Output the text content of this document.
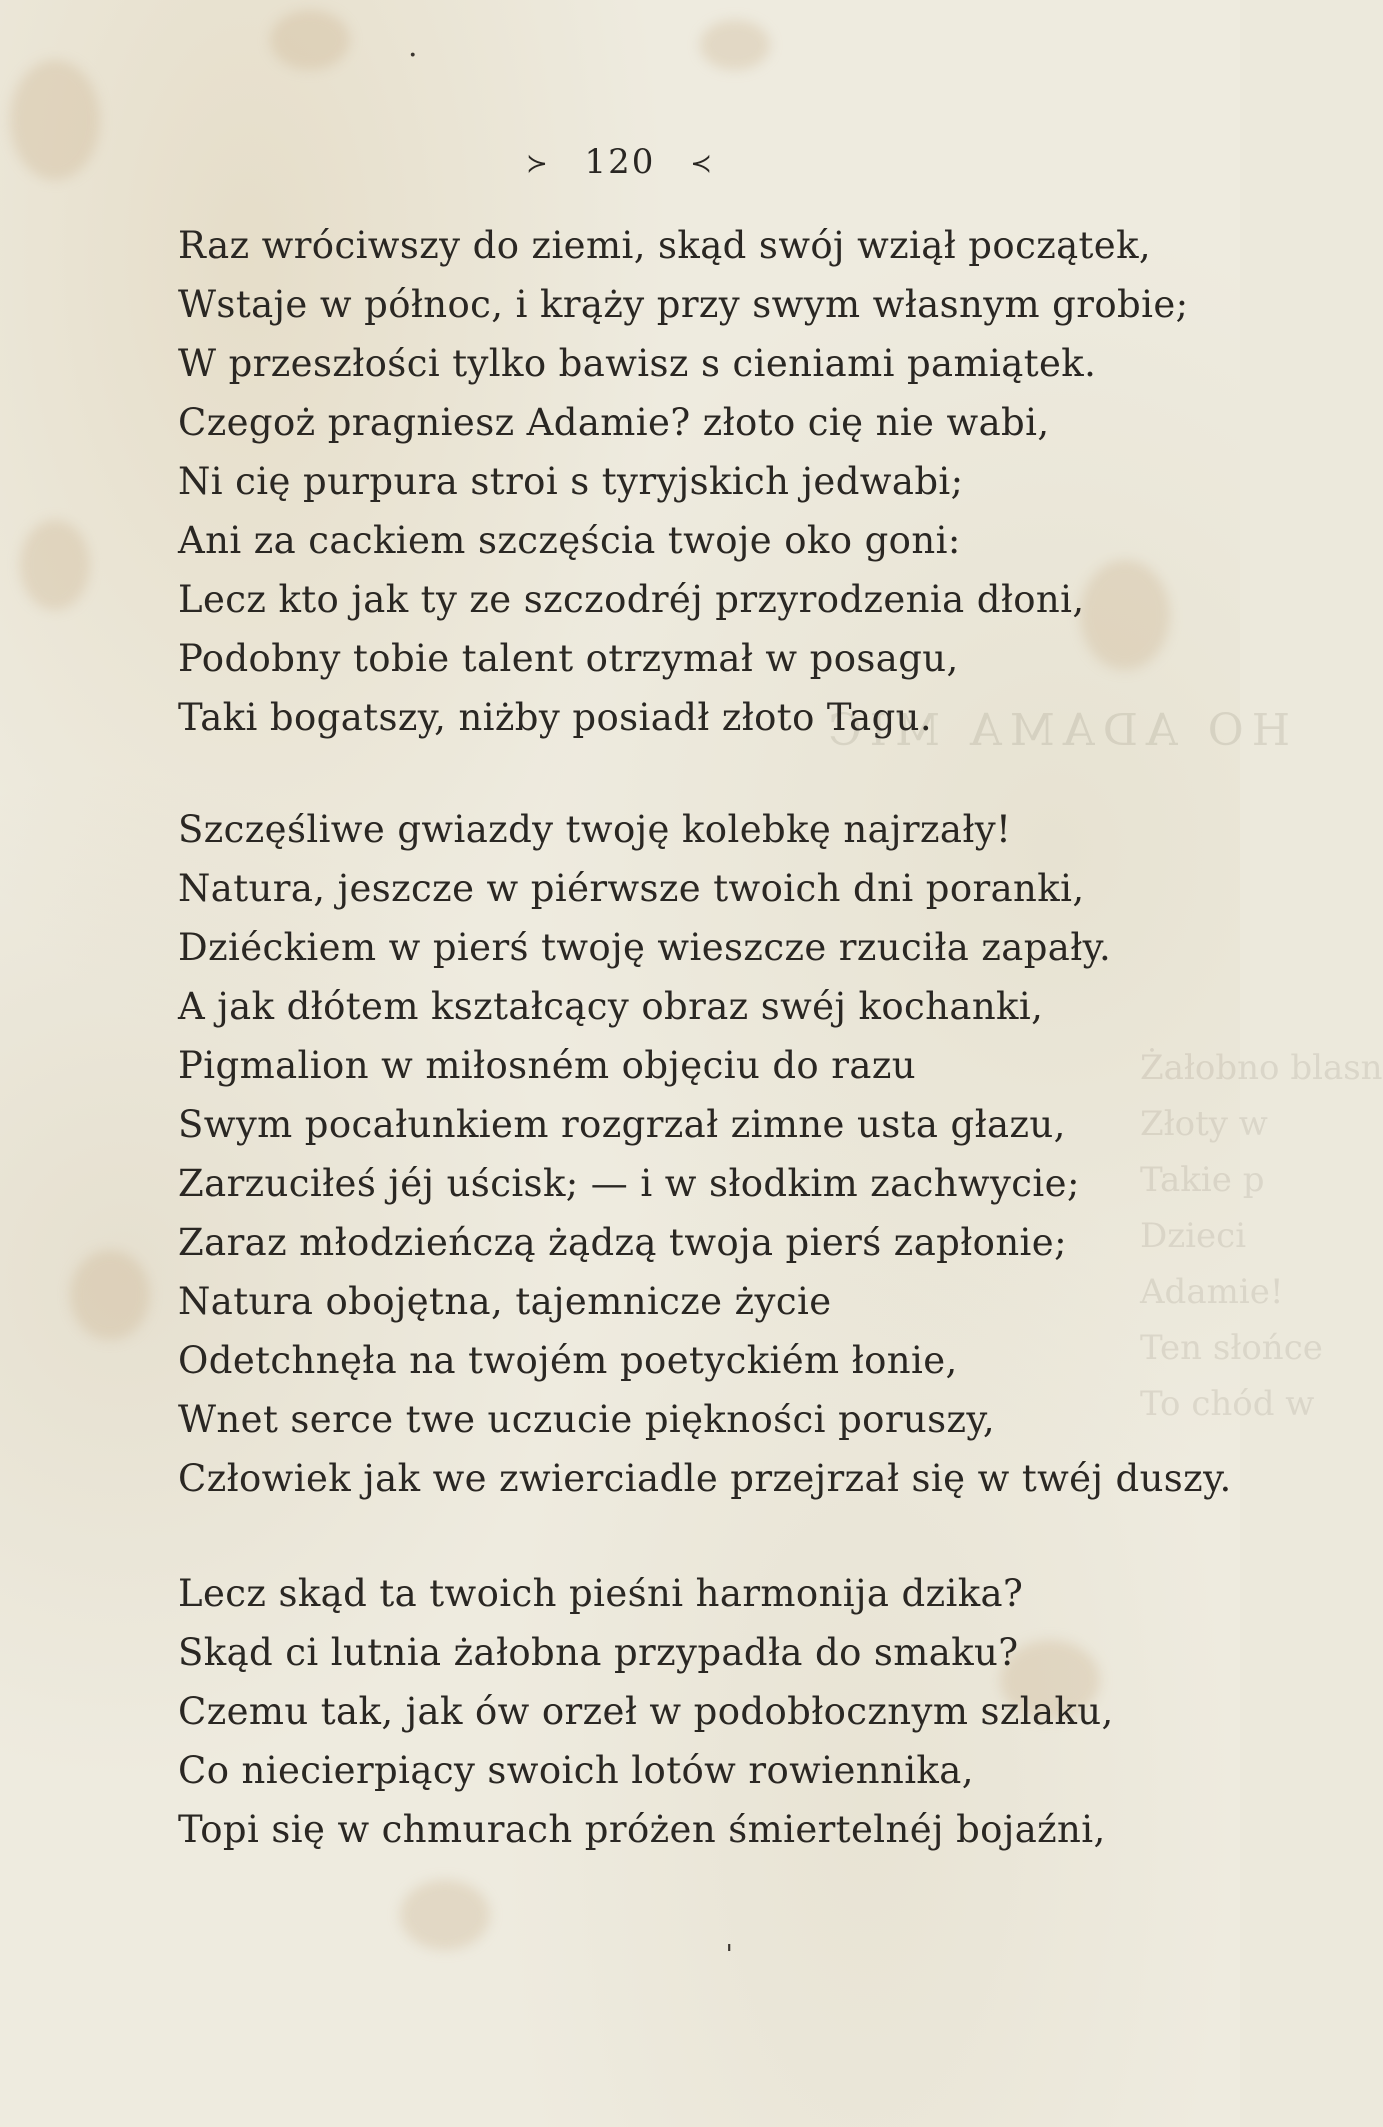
HO ADAMA MIC
Żałobno blasn
Złoty w
Takie p
Dzieci
Adamie!
Ten słońce
To chód w
≻ 120 ≺
Raz wróciwszy do ziemi, skąd swój wziął początek,
Wstaje w północ, i krąży przy swym własnym grobie;
W przeszłości tylko bawisz s cieniami pamiątek.
Czegoż pragniesz Adamie? złoto cię nie wabi,
Ni cię purpura stroi s tyryjskich jedwabi;
Ani za cackiem szczęścia twoje oko goni:
Lecz kto jak ty ze szczodréj przyrodzenia dłoni,
Podobny tobie talent otrzymał w posagu,
Taki bogatszy, niżby posiadł złoto Tagu.
Szczęśliwe gwiazdy twoję kolebkę najrzały!
Natura, jeszcze w piérwsze twoich dni poranki,
Dziéckiem w pierś twoję wieszcze rzuciła zapały.
A jak dłótem kształcący obraz swéj kochanki,
Pigmalion w miłosném objęciu do razu
Swym pocałunkiem rozgrzał zimne usta głazu,
Zarzuciłeś jéj uścisk; — i w słodkim zachwycie;
Zaraz młodzieńczą żądzą twoja pierś zapłonie;
Natura obojętna, tajemnicze życie
Odetchnęła na twojém poetyckiém łonie,
Wnet serce twe uczucie piękności poruszy,
Człowiek jak we zwierciadle przejrzał się w twéj duszy.
Lecz skąd ta twoich pieśni harmonija dzika?
Skąd ci lutnia żałobna przypadła do smaku?
Czemu tak, jak ów orzeł w podobłocznym szlaku,
Co niecierpiący swoich lotów rowiennika,
Topi się w chmurach próżen śmiertelnéj bojaźni,
·
ˈ
